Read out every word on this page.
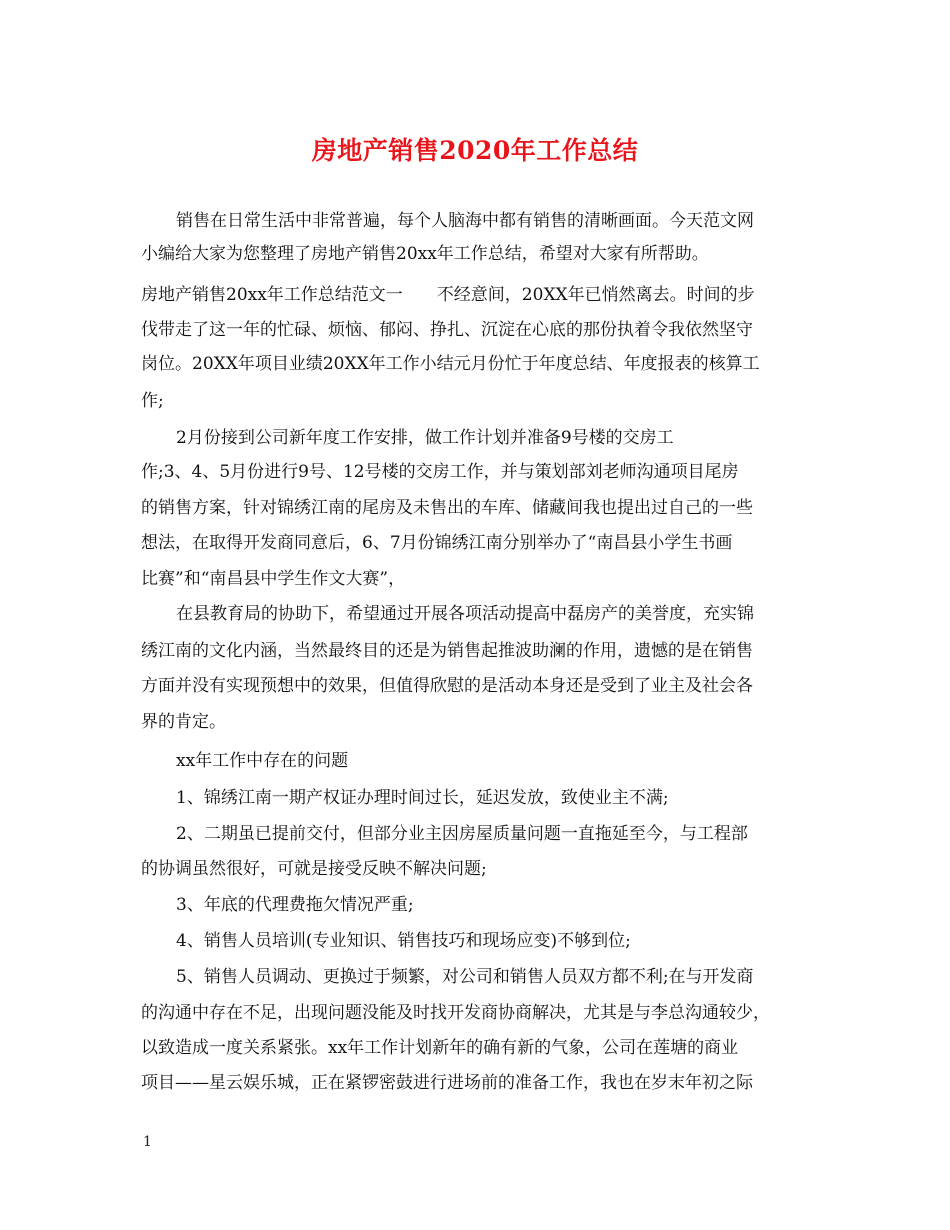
房地产销售2020年工作总结
销售在日常生活中非常普遍，每个人脑海中都有销售的清晰画面。今天范文网
小编给大家为您整理了房地产销售20xx年工作总结，希望对大家有所帮助。
房地产销售20xx年工作总结范文一　　不经意间，20XX年已悄然离去。时间的步
伐带走了这一年的忙碌、烦恼、郁闷、挣扎、沉淀在心底的那份执着令我依然坚守
岗位。20XX年项目业绩20XX年工作小结元月份忙于年度总结、年度报表的核算工
作;
2月份接到公司新年度工作安排，做工作计划并准备9号楼的交房工
作;3、4、5月份进行9号、12号楼的交房工作，并与策划部刘老师沟通项目尾房
的销售方案，针对锦绣江南的尾房及未售出的车库、储藏间我也提出过自己的一些
想法，在取得开发商同意后，6、7月份锦绣江南分别举办了“南昌县小学生书画
比赛”和“南昌县中学生作文大赛”，
在县教育局的协助下，希望通过开展各项活动提高中磊房产的美誉度，充实锦
绣江南的文化内涵，当然最终目的还是为销售起推波助澜的作用，遗憾的是在销售
方面并没有实现预想中的效果，但值得欣慰的是活动本身还是受到了业主及社会各
界的肯定。
xx年工作中存在的问题
1、锦绣江南一期产权证办理时间过长，延迟发放，致使业主不满;
2、二期虽已提前交付，但部分业主因房屋质量问题一直拖延至今，与工程部
的协调虽然很好，可就是接受反映不解决问题;
3、年底的代理费拖欠情况严重;
4、销售人员培训(专业知识、销售技巧和现场应变)不够到位;
5、销售人员调动、更换过于频繁，对公司和销售人员双方都不利;在与开发商
的沟通中存在不足，出现问题没能及时找开发商协商解决，尤其是与李总沟通较少，
以致造成一度关系紧张。xx年工作计划新年的确有新的气象，公司在莲塘的商业
项目——星云娱乐城，正在紧锣密鼓进行进场前的准备工作，我也在岁末年初之际
1
